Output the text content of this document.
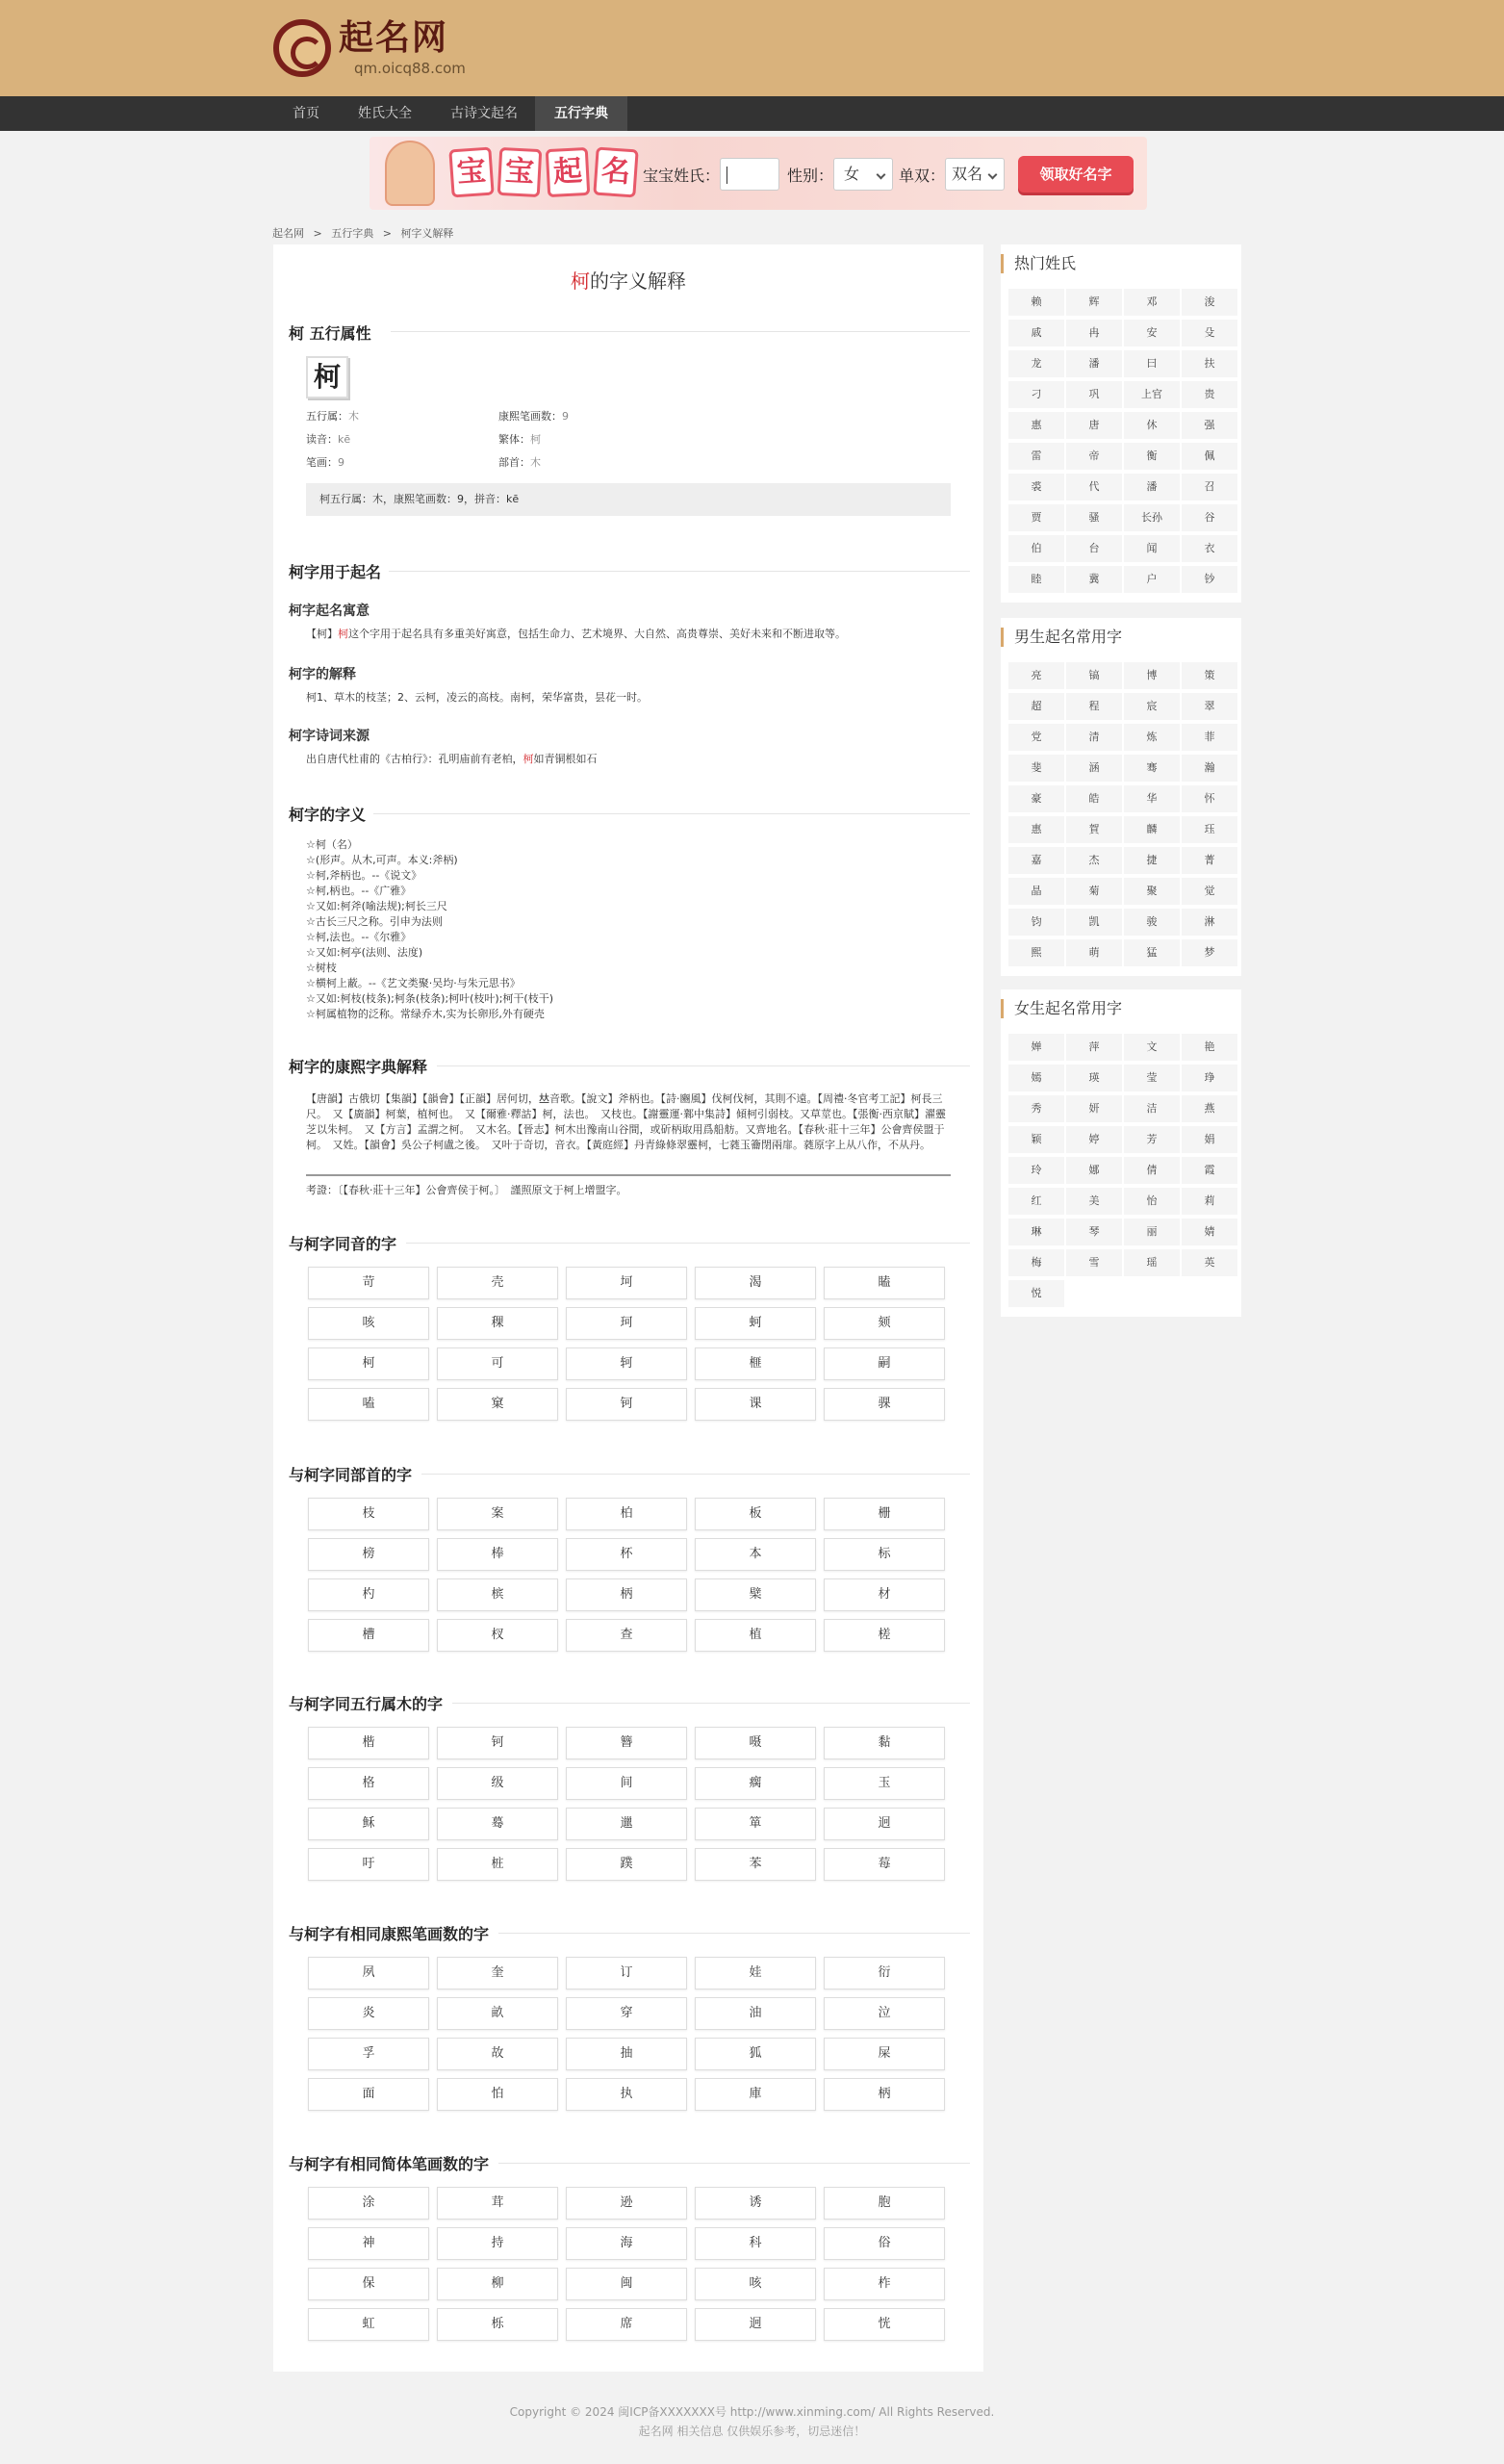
起名网
qm.oicq88.com
首页	姓氏大全	古诗文起名	五行字典
宝 宝 起 名 宝宝姓氏：	性别： 女	单双： 双名	领取好名字
起名网 > 五行字典 > 柯字义解释
柯的字义解释
柯 五行属性
柯
五行属：木	康熙笔画数：9
读音：kē	繁体：柯
笔画：9	部首：木
柯五行属：木，康熙笔画数：9，拼音：kē
柯字用于起名
柯字起名寓意
【柯】柯这个字用于起名具有多重美好寓意，包括生命力、艺术境界、大自然、高贵尊崇、美好未来和不断进取等。
柯字的解释
柯1、草木的枝茎；2、云柯，凌云的高枝。南柯，荣华富贵，昙花一时。
柯字诗词来源
出自唐代杜甫的《古柏行》：孔明庙前有老柏，柯如青铜根如石
柯字的字义
☆柯（名）
☆(形声。从木,可声。本义:斧柄)
☆柯,斧柄也。--《说文》
☆柯,柄也。--《广雅》
☆又如:柯斧(喻法规);柯长三尺
☆古长三尺之称。引申为法则
☆柯,法也。--《尔雅》
☆又如:柯亭(法则、法度)
☆树枝
☆横柯上蔽。--《艺文类聚·吴均·与朱元思书》
☆又如:柯枝(枝条);柯条(枝条);柯叶(枝叶);柯干(枝干)
☆柯属植物的泛称。常绿乔木,实为长卵形,外有硬壳
柯字的康熙字典解释
【唐韻】古俄切【集韻】【韻會】【正韻】居何切，𠀤音歌。【說文】斧柄也。【詩·豳風】伐柯伐柯，其則不遠。【周禮·冬官考工記】柯長三尺。　又【廣韻】柯葉，植柯也。　又【爾雅·釋詁】柯，法也。　又枝也。【謝靈運·鄴中集詩】傾柯引弱枝。又草莖也。【張衡·西京賦】濯靈芝以朱柯。　又【方言】孟謂之柯。　又木名。【晉志】柯木出豫南山谷間，或斫柄取用爲船舫。又齊地名。【春秋·莊十三年】公會齊侯盟于柯。　又姓。【韻會】吳公子柯盧之後。　又叶于奇切，音衣。【黃庭經】丹青綠條翠靈柯，七蕤玉籥閉兩扉。蕤原字上从八作，不从丹。
考證：〔【春秋·莊十三年】公會齊侯于柯。〕　謹照原文于柯上增盟字。
与柯字同音的字
苛	壳	坷	渴	瞌
咳	稞	珂	蚵	颏
柯	可	轲	榧	嗣
嗑	窠	钶	课	骒
与柯字同部首的字
枝	案	柏	板	栅
榜	棒	杯	本	标
杓	槟	柄	檗	材
槽	杈	查	植	槎
与柯字同五行属木的字
楷	钶	簪	嗫	黏
格	级	间	瘸	玉
稣	蓦	邋	箪	迥
吁	桩	蹼	苯	莓
与柯字有相同康熙笔画数的字
夙	奎	订	娃	衍
炎	畝	穿	油	泣
孚	故	抽	狐	屎
面	怕	执	庫	柄
与柯字有相同简体笔画数的字
涂	茸	逊	诱	胞
神	持	海	科	俗
保	柳	闽	咳	柞
虹	栎	席	迥	恍
热门姓氏
赖	辉	邓	浚
戚	冉	安	殳
龙	潘	曰	扶
刁	巩	上官	贵
惠	唐	休	强
雷	帝	衡	佩
裘	代	潘	召
贾	骚	长孙	谷
伯	台	闻	衣
睦	冀	户	钞
男生起名常用字
亮	镐	博	策
超	程	宸	翠
党	清	炼	菲
斐	涵	骞	瀚
豪	皓	华	怀
惠	賀	麟	珏
嘉	杰	捷	菁
晶	菊	聚	觉
钧	凯	骏	淋
熙	萌	猛	梦
女生起名常用字
婵	萍	文	艳
嫣	瑛	莹	琤
秀	妍	洁	燕
颖	婷	芳	娟
玲	娜	倩	霞
红	美	怡	莉
琳	琴	丽	婧
梅	雪	瑶	英
悦
Copyright © 2024 闽ICP备XXXXXXX号 http://www.xinming.com/ All Rights Reserved.
起名网 相关信息 仅供娱乐参考，切忌迷信！
